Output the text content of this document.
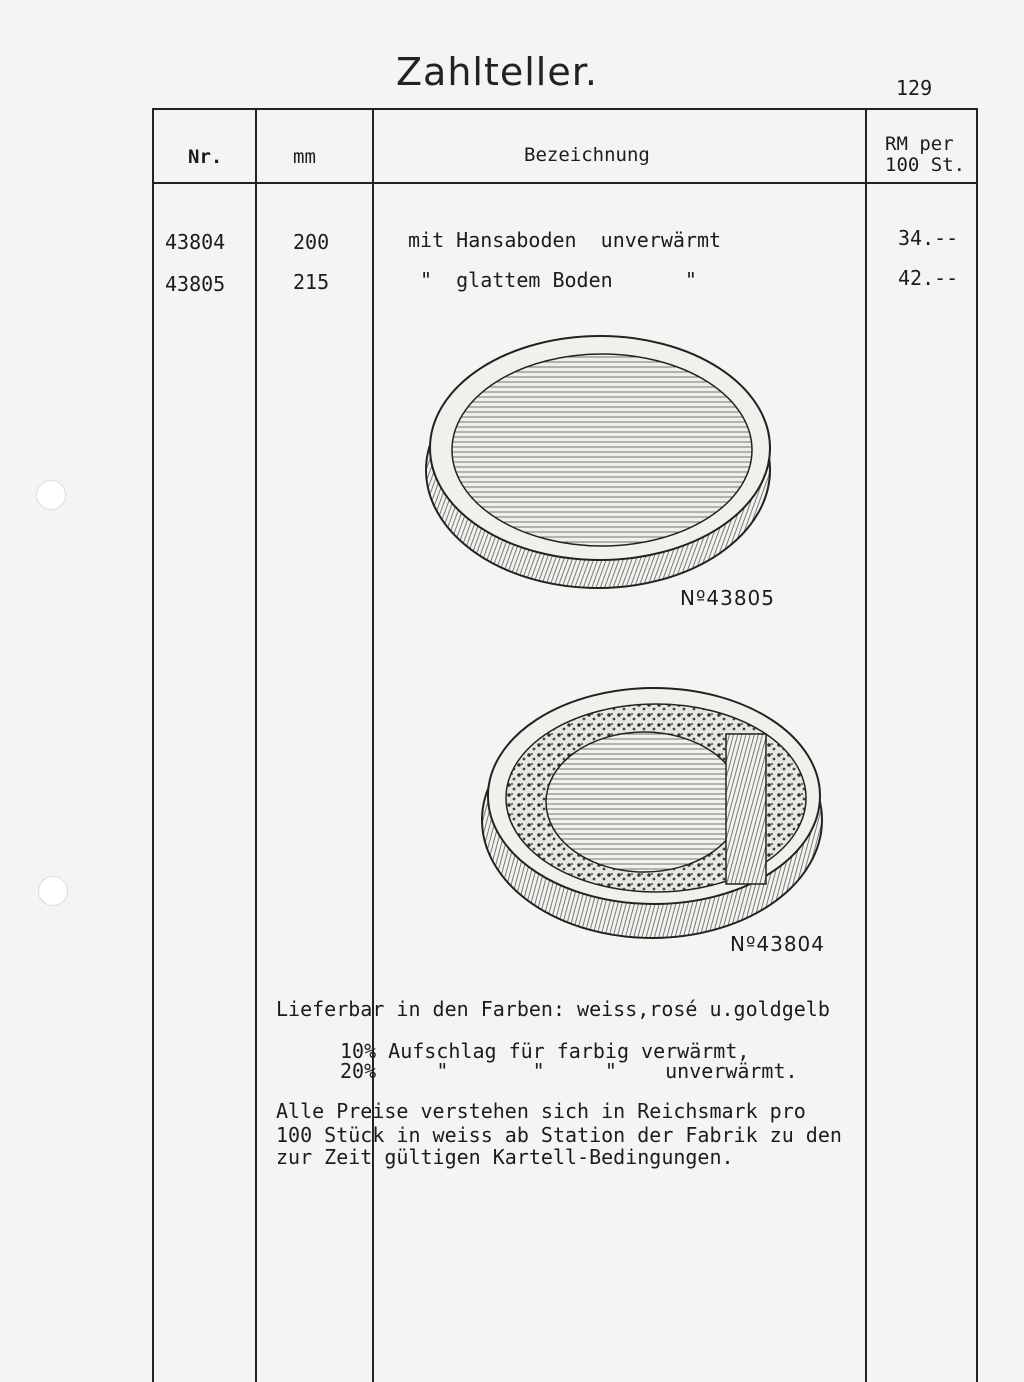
Zahlteller.	129
Nr.	mm	Bezeichnung	RM per
100 St.
43804	200	mit Hansaboden  unverwärmt	34.--
43805	215	"  glattem Boden      "	42.--
Nº43805
Nº43804
Lieferbar in den Farben: weiss,rosé u.goldgelb
10% Aufschlag für farbig verwärmt,
20%     "       "     "    unverwärmt.
Alle Preise verstehen sich in Reichsmark pro
100 Stück in weiss ab Station der Fabrik zu den
zur Zeit gültigen Kartell-Bedingungen.
